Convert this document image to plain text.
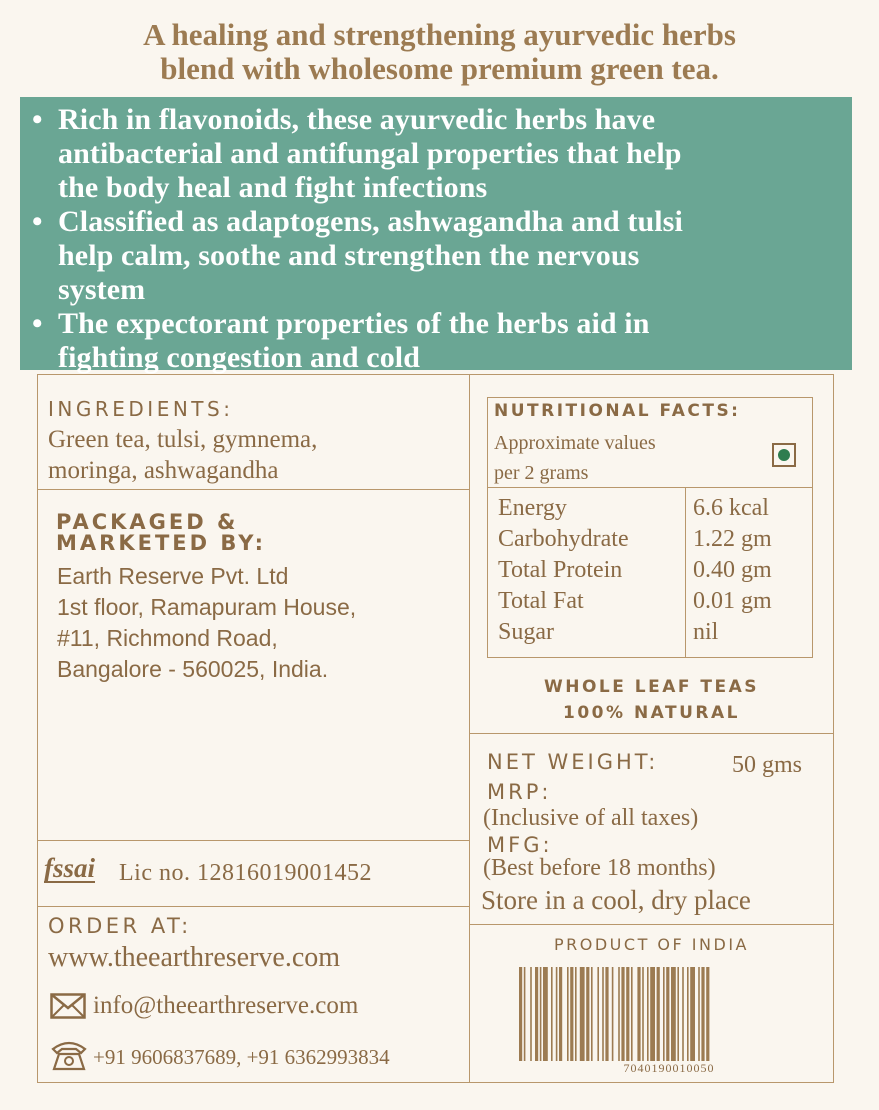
A healing and strengthening ayurvedic herbs
blend with wholesome premium green tea.
• Rich in flavonoids, these ayurvedic herbs have
antibacterial and antifungal properties that help
the body heal and fight infections
• Classified as adaptogens, ashwagandha and tulsi
help calm, soothe and strengthen the nervous
system
• The expectorant properties of the herbs aid in
fighting congestion and cold
INGREDIENTS:
Green tea, tulsi, gymnema,
moringa, ashwagandha
PACKAGED &
MARKETED BY:
Earth Reserve Pvt. Ltd
1st floor, Ramapuram House,
#11, Richmond Road,
Bangalore - 560025, India.
fssai Lic no. 12816019001452
ORDER AT:
www.theearthreserve.com
info@theearthreserve.com
+91 9606837689, +91 6362993834
NUTRITIONAL FACTS:
Approximate values
per 2 grams
Energy
Carbohydrate
Total Protein
Total Fat
Sugar
6.6 kcal
1.22 gm
0.40 gm
0.01 gm
nil
WHOLE LEAF TEAS
100% NATURAL
NET WEIGHT:	50 gms
MRP:
(Inclusive of all taxes)
MFG:
(Best before 18 months)
Store in a cool, dry place
PRODUCT OF INDIA
7040190010050
